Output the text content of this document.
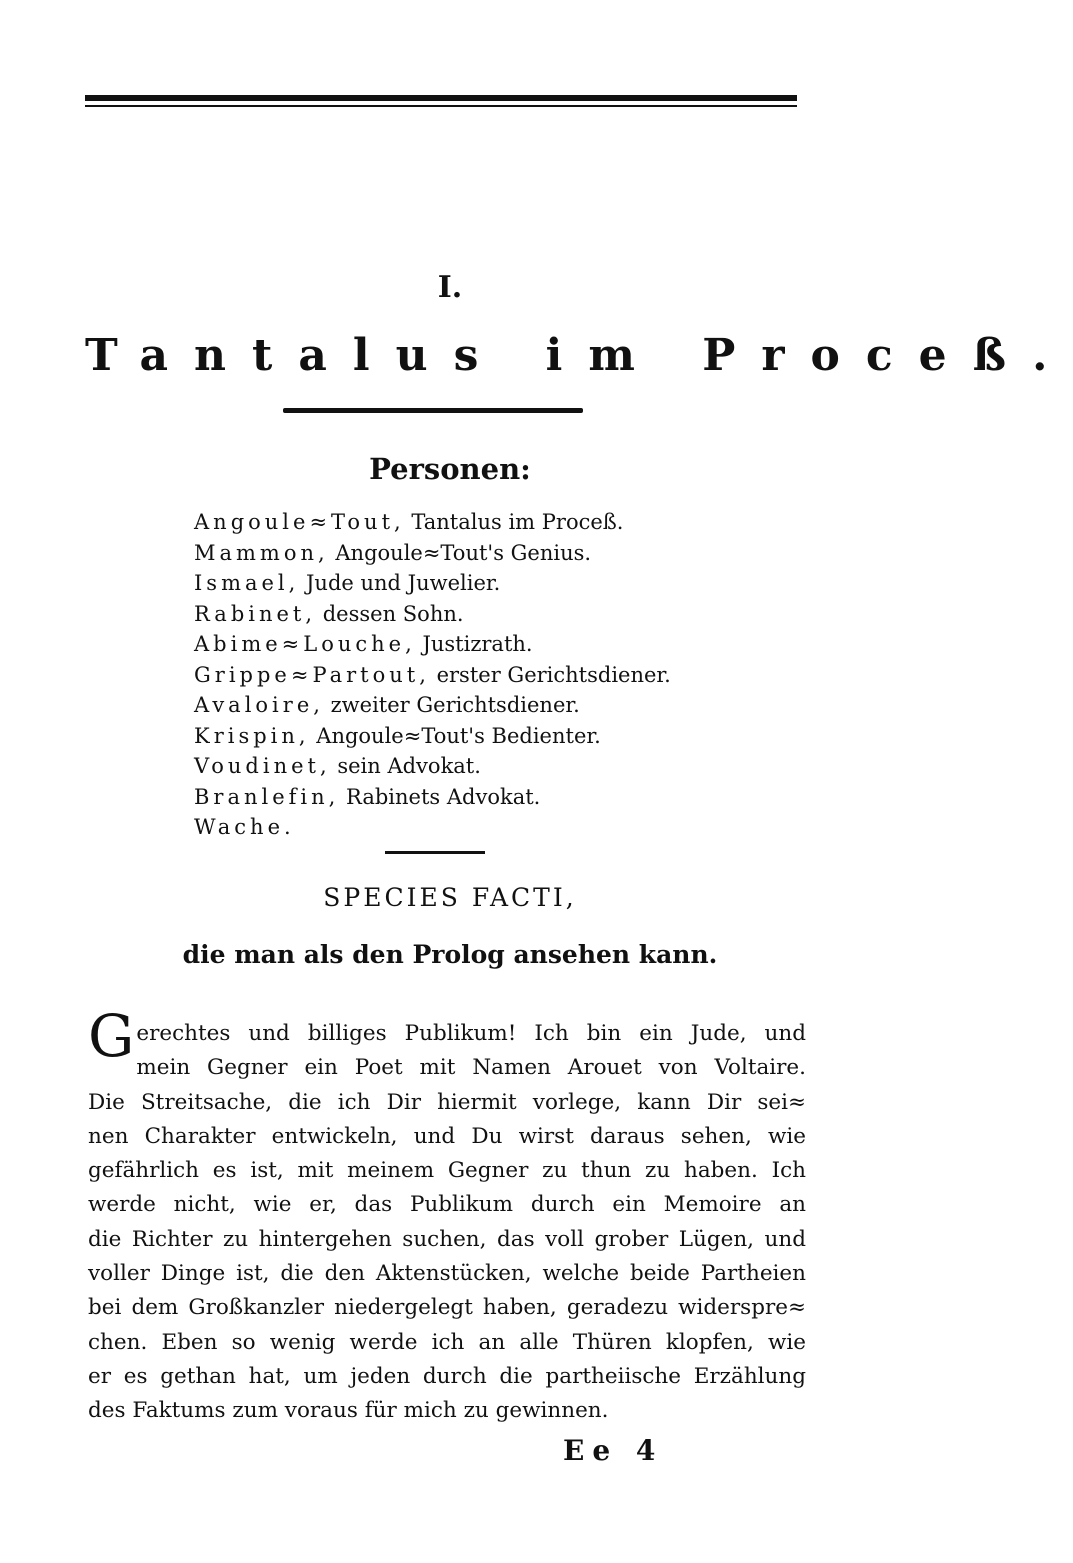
I.
Tantalus im Proceß.
Personen:
Angoule≈Tout, Tantalus im Proceß.
Mammon, Angoule≈Tout's Genius.
Ismael, Jude und Juwelier.
Rabinet, dessen Sohn.
Abime≈Louche, Justizrath.
Grippe≈Partout, erster Gerichtsdiener.
Avaloire, zweiter Gerichtsdiener.
Krispin, Angoule≈Tout's Bedienter.
Voudinet, sein Advokat.
Branlefin, Rabinets Advokat.
Wache.
SPECIES FACTI,
die man als den Prolog ansehen kann.
G erechtes und billiges Publikum! Ich bin ein Jude, und
mein Gegner ein Poet mit Namen Arouet von Voltaire.
Die Streitsache, die ich Dir hiermit vorlege, kann Dir sei≈
nen Charakter entwickeln, und Du wirst daraus sehen, wie
gefährlich es ist, mit meinem Gegner zu thun zu haben. Ich
werde nicht, wie er, das Publikum durch ein Memoire an
die Richter zu hintergehen suchen, das voll grober Lügen, und
voller Dinge ist, die den Aktenstücken, welche beide Partheien
bei dem Großkanzler niedergelegt haben, geradezu widerspre≈
chen. Eben so wenig werde ich an alle Thüren klopfen, wie
er es gethan hat, um jeden durch die partheiische Erzählung
des Faktums zum voraus für mich zu gewinnen.
Ee 4
